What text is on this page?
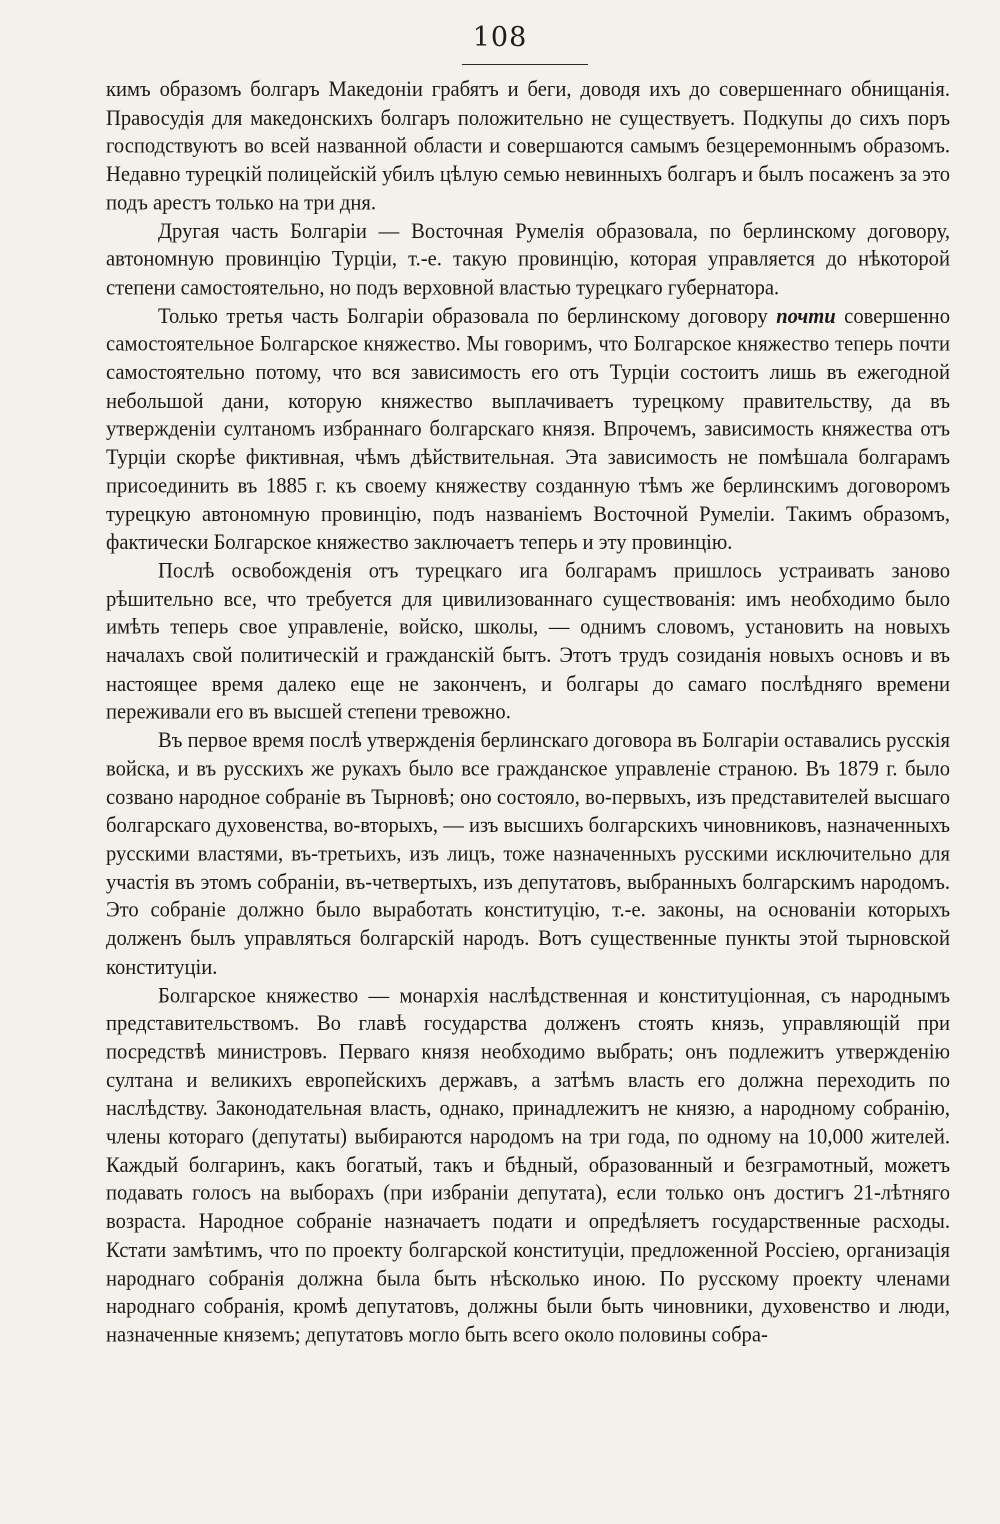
108

кимъ образомъ болгаръ Македоніи грабятъ и беги, доводя ихъ до совершеннаго обнищанія. Правосудія для македонскихъ болгаръ положительно не существуетъ. Подкупы до сихъ поръ господствуютъ во всей названной области и совершаются самымъ безцеремоннымъ образомъ. Недавно турецкій полицейскій убилъ цѣлую семью невинныхъ болгаръ и былъ посаженъ за это подъ арестъ только на три дня.

Другая часть Болгаріи — Восточная Румелія образовала, по берлинскому договору, автономную провинцію Турціи, т.-е. такую провинцію, которая управляется до нѣкоторой степени самостоятельно, но подъ верховной властью турецкаго губернатора.

Только третья часть Болгаріи образовала по берлинскому договору почти совершенно самостоятельное Болгарское княжество. Мы говоримъ, что Болгарское княжество теперь почти самостоятельно потому, что вся зависимость его отъ Турціи состоитъ лишь въ ежегодной небольшой дани, которую княжество выплачиваетъ турецкому правительству, да въ утвержденіи султаномъ избраннаго болгарскаго князя. Впрочемъ, зависимость княжества отъ Турціи скорѣе фиктивная, чѣмъ дѣйствительная. Эта зависимость не помѣшала болгарамъ присоединить въ 1885 г. къ своему княжеству созданную тѣмъ же берлинскимъ договоромъ турецкую автономную провинцію, подъ названіемъ Восточной Румеліи. Такимъ образомъ, фактически Болгарское княжество заключаетъ теперь и эту провинцію.

Послѣ освобожденія отъ турецкаго ига болгарамъ пришлось устраивать заново рѣшительно все, что требуется для цивилизованнаго существованія: имъ необходимо было имѣть теперь свое управленіе, войско, школы, — однимъ словомъ, установить на новыхъ началахъ свой политическій и гражданскій бытъ. Этотъ трудъ созиданія новыхъ основъ и въ настоящее время далеко еще не законченъ, и болгары до самаго послѣдняго времени переживали его въ высшей степени тревожно.

Въ первое время послѣ утвержденія берлинскаго договора въ Болгаріи оставались русскія войска, и въ русскихъ же рукахъ было все гражданское управленіе страною. Въ 1879 г. было созвано народное собраніе въ Тырновѣ; оно состояло, во-первыхъ, изъ представителей высшаго болгарскаго духовенства, во-вторыхъ, — изъ высшихъ болгарскихъ чиновниковъ, назначенныхъ русскими властями, въ-третьихъ, изъ лицъ, тоже назначенныхъ русскими исключительно для участія въ этомъ собраніи, въ-четвертыхъ, изъ депутатовъ, выбранныхъ болгарскимъ народомъ. Это собраніе должно было выработать конституцію, т.-е. законы, на основаніи которыхъ долженъ былъ управляться болгарскій народъ. Вотъ существенные пункты этой тырновской конституціи.

Болгарское княжество — монархія наслѣдственная и конституціонная, съ народнымъ представительствомъ. Во главѣ государства долженъ стоять князь, управляющій при посредствѣ министровъ. Перваго князя необходимо выбрать; онъ подлежитъ утвержденію султана и великихъ европейскихъ державъ, а затѣмъ власть его должна переходить по наслѣдству. Законодательная власть, однако, принадлежитъ не князю, а народному собранію, члены котораго (депутаты) выбираются народомъ на три года, по одному на 10,000 жителей. Каждый болгаринъ, какъ богатый, такъ и бѣдный, образованный и безграмотный, можетъ подавать голосъ на выборахъ (при избраніи депутата), если только онъ достигъ 21-лѣтняго возраста. Народное собраніе назначаетъ подати и опредѣляетъ государственные расходы. Кстати замѣтимъ, что по проекту болгарской конституціи, предложенной Россіею, организація народнаго собранія должна была быть нѣсколько иною. По русскому проекту членами народнаго собранія, кромѣ депутатовъ, должны были быть чиновники, духовенство и люди, назначенные княземъ; депутатовъ могло быть всего около половины собра-
